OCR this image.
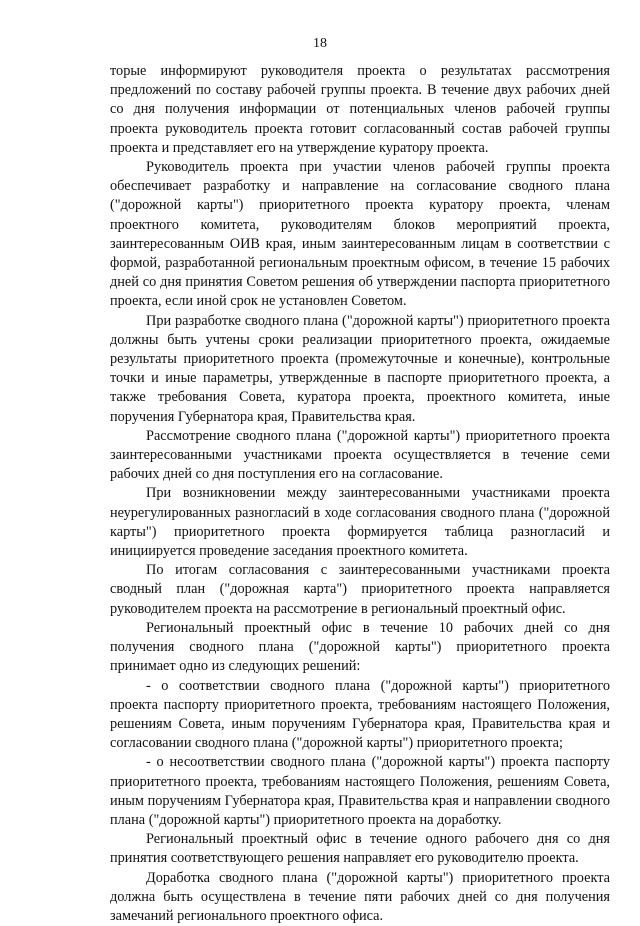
18

торые информируют руководителя проекта о результатах рассмотрения предложений по составу рабочей группы проекта. В течение двух рабочих дней со дня получения информации от потенциальных членов рабочей группы проекта руководитель проекта готовит согласованный состав рабочей группы проекта и представляет его на утверждение куратору проекта.

Руководитель проекта при участии членов рабочей группы проекта обеспечивает разработку и направление на согласование сводного плана ("дорожной карты") приоритетного проекта куратору проекта, членам проектного комитета, руководителям блоков мероприятий проекта, заинтересованным ОИВ края, иным заинтересованным лицам в соответствии с формой, разработанной региональным проектным офисом, в течение 15 рабочих дней со дня принятия Советом решения об утверждении паспорта приоритетного проекта, если иной срок не установлен Советом.

При разработке сводного плана ("дорожной карты") приоритетного проекта должны быть учтены сроки реализации приоритетного проекта, ожидаемые результаты приоритетного проекта (промежуточные и конечные), контрольные точки и иные параметры, утвержденные в паспорте приоритетного проекта, а также требования Совета, куратора проекта, проектного комитета, иные поручения Губернатора края, Правительства края.

Рассмотрение сводного плана ("дорожной карты") приоритетного проекта заинтересованными участниками проекта осуществляется в течение семи рабочих дней со дня поступления его на согласование.

При возникновении между заинтересованными участниками проекта неурегулированных разногласий в ходе согласования сводного плана ("дорожной карты") приоритетного проекта формируется таблица разногласий и инициируется проведение заседания проектного комитета.

По итогам согласования с заинтересованными участниками проекта сводный план ("дорожная карта") приоритетного проекта направляется руководителем проекта на рассмотрение в региональный проектный офис.

Региональный проектный офис в течение 10 рабочих дней со дня получения сводного плана ("дорожной карты") приоритетного проекта принимает одно из следующих решений:

- о соответствии сводного плана ("дорожной карты") приоритетного проекта паспорту приоритетного проекта, требованиям настоящего Положения, решениям Совета, иным поручениям Губернатора края, Правительства края и согласовании сводного плана ("дорожной карты") приоритетного проекта;

- о несоответствии сводного плана ("дорожной карты") проекта паспорту приоритетного проекта, требованиям настоящего Положения, решениям Совета, иным поручениям Губернатора края, Правительства края и направлении сводного плана ("дорожной карты") приоритетного проекта на доработку.

Региональный проектный офис в течение одного рабочего дня со дня принятия соответствующего решения направляет его руководителю проекта.

Доработка сводного плана ("дорожной карты") приоритетного проекта должна быть осуществлена в течение пяти рабочих дней со дня получения замечаний регионального проектного офиса.
